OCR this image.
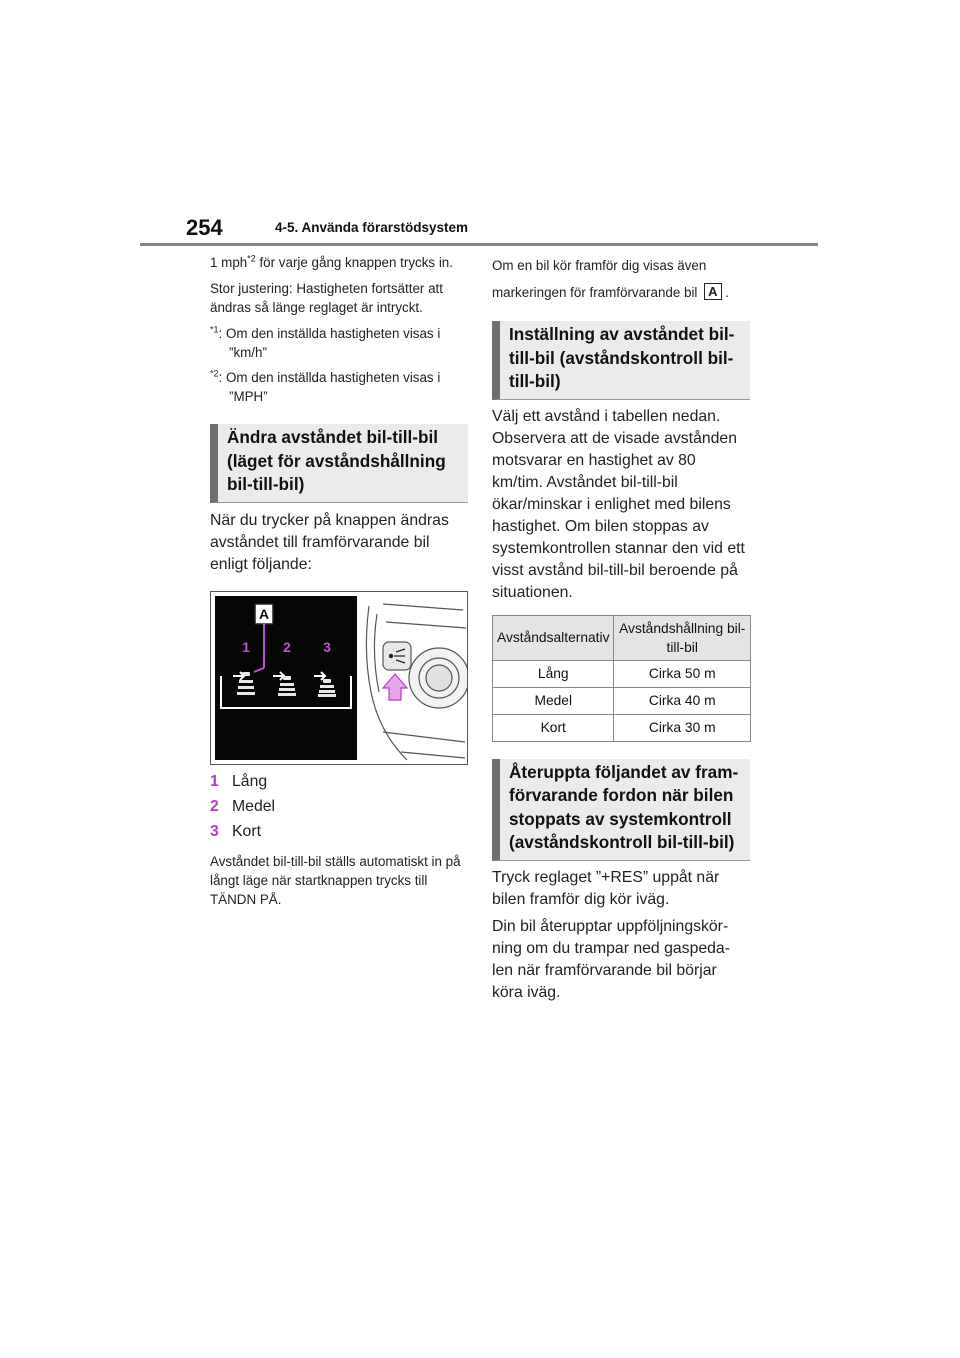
254	4-5. Använda förarstödsystem

1 mph$^{*2}$ för varje gång knappen trycks in.

Stor justering: Hastigheten fortsätter att ändras så länge reglaget är intryckt.

$^{*1}$: Om den inställda hastigheten visas i ”km/h”

$^{*2}$: Om den inställda hastigheten visas i ”MPH”

Ändra avståndet bil-till-bil (läget för avståndshållning bil-till-bil)

När du trycker på knappen ändras avståndet till framförvarande bil enligt följande:

A
1 2 3
1 Lång
2 Medel
3 Kort

Avståndet bil-till-bil ställs automatiskt in på långt läge när startknappen trycks till TÄNDN PÅ.

Om en bil kör framför dig visas även markeringen för framförvarande bil A .

Inställning av avståndet bil-till-bil (avståndskontroll bil-till-bil)

Välj ett avstånd i tabellen nedan. Observera att de visade avstånden motsvarar en hastighet av 80 km/tim. Avståndet bil-till-bil ökar/minskar i enlighet med bilens hastighet. Om bilen stoppas av systemkontrollen stannar den vid ett visst avstånd bil-till-bil beroende på situationen.

Avståndsalternativ	Avståndshållning bil-till-bil
Lång	Cirka 50 m
Medel	Cirka 40 m
Kort	Cirka 30 m
Återuppta följandet av fram-förvarande fordon när bilen stoppats av systemkontroll (avståndskontroll bil-till-bil)

Tryck reglaget ”+RES” uppåt när bilen framför dig kör iväg.

Din bil återupptar uppföljningskör-ning om du trampar ned gaspeda-len när framförvarande bil börjar köra iväg.
